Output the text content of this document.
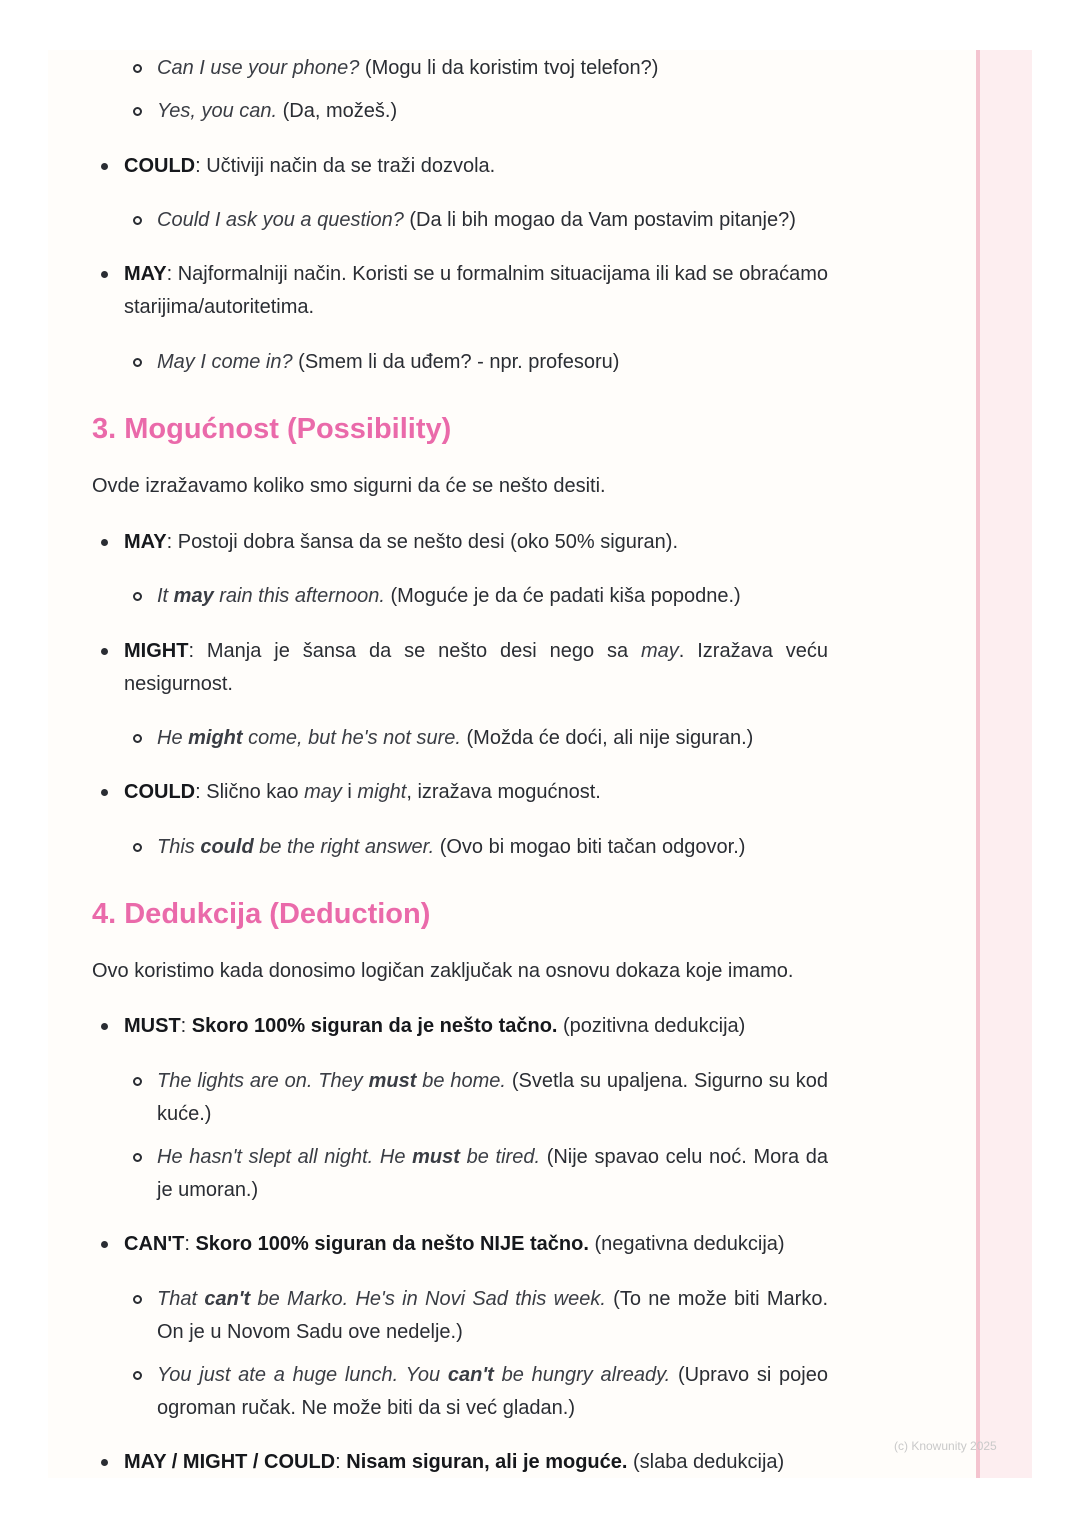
Can I use your phone? (Mogu li da koristim tvoj telefon?)
Yes, you can. (Da, možeš.)
COULD: Učtiviji način da se traži dozvola.
Could I ask you a question? (Da li bih mogao da Vam postavim pitanje?)
MAY: Najformalniji način. Koristi se u formalnim situacijama ili kad se obraćamo starijima/autoritetima.
May I come in? (Smem li da uđem? - npr. profesoru)
3. Mogućnost (Possibility)
Ovde izražavamo koliko smo sigurni da će se nešto desiti.
MAY: Postoji dobra šansa da se nešto desi (oko 50% siguran).
It may rain this afternoon. (Moguće je da će padati kiša popodne.)
MIGHT: Manja je šansa da se nešto desi nego sa may. Izražava veću nesigurnost.
He might come, but he's not sure. (Možda će doći, ali nije siguran.)
COULD: Slično kao may i might, izražava mogućnost.
This could be the right answer. (Ovo bi mogao biti tačan odgovor.)
4. Dedukcija (Deduction)
Ovo koristimo kada donosimo logičan zaključak na osnovu dokaza koje imamo.
MUST: Skoro 100% siguran da je nešto tačno. (pozitivna dedukcija)
The lights are on. They must be home. (Svetla su upaljena. Sigurno su kod kuće.)
He hasn't slept all night. He must be tired. (Nije spavao celu noć. Mora da je umoran.)
CAN'T: Skoro 100% siguran da nešto NIJE tačno. (negativna dedukcija)
That can't be Marko. He's in Novi Sad this week. (To ne može biti Marko. On je u Novom Sadu ove nedelje.)
You just ate a huge lunch. You can't be hungry already. (Upravo si pojeo ogroman ručak. Ne može biti da si već gladan.)
MAY / MIGHT / COULD: Nisam siguran, ali je moguće. (slaba dedukcija)
(c) Knowunity 2025
